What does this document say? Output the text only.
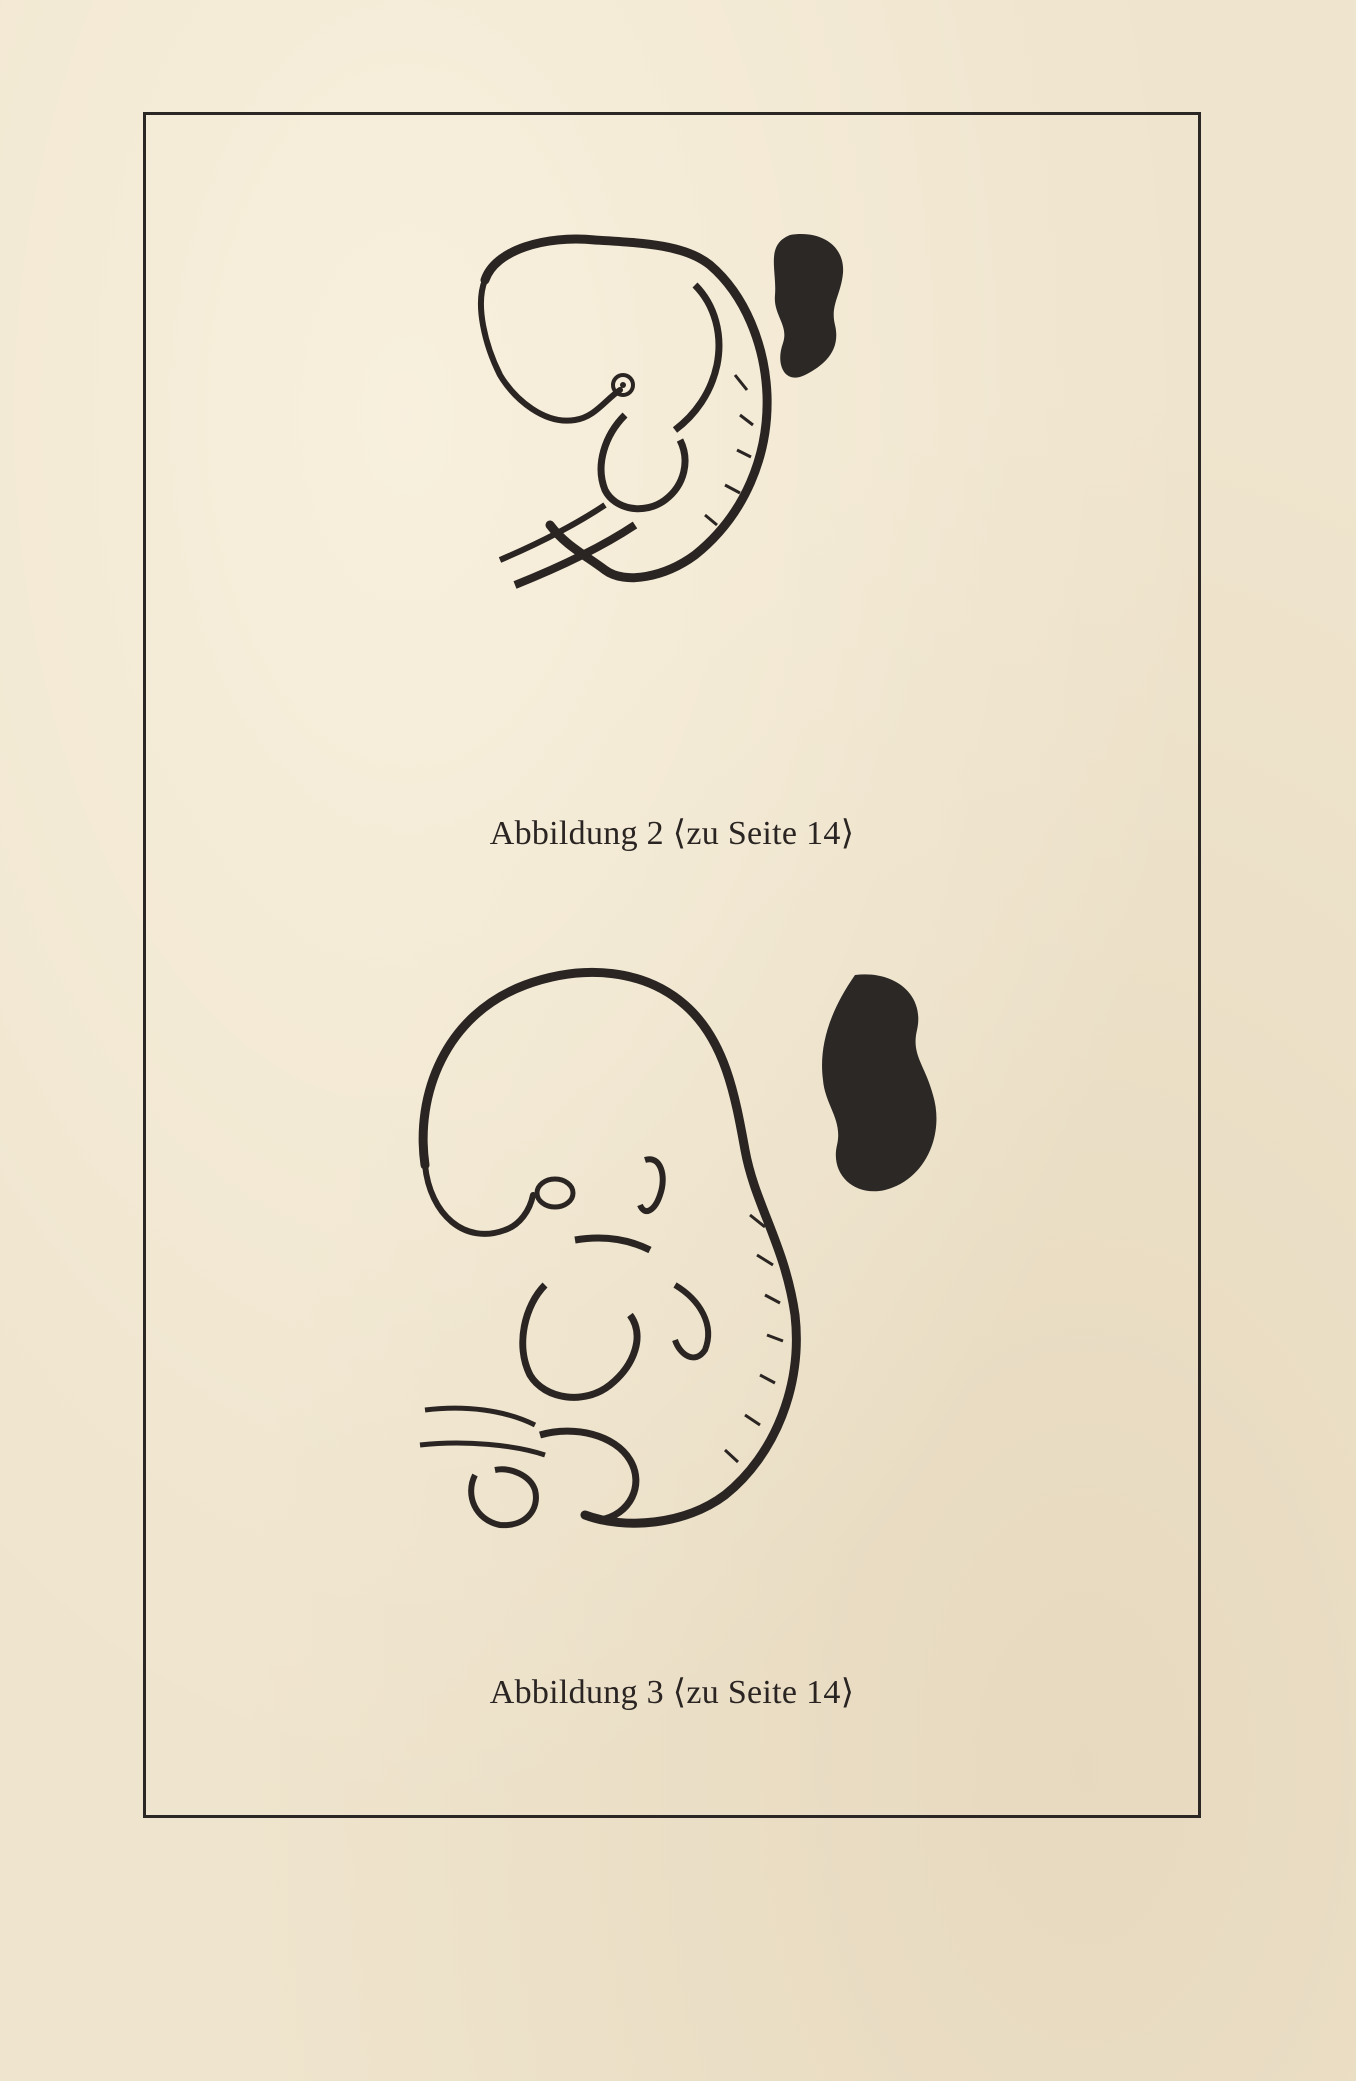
Abbildung 2 ⟨zu Seite 14⟩
Abbildung 3 ⟨zu Seite 14⟩
